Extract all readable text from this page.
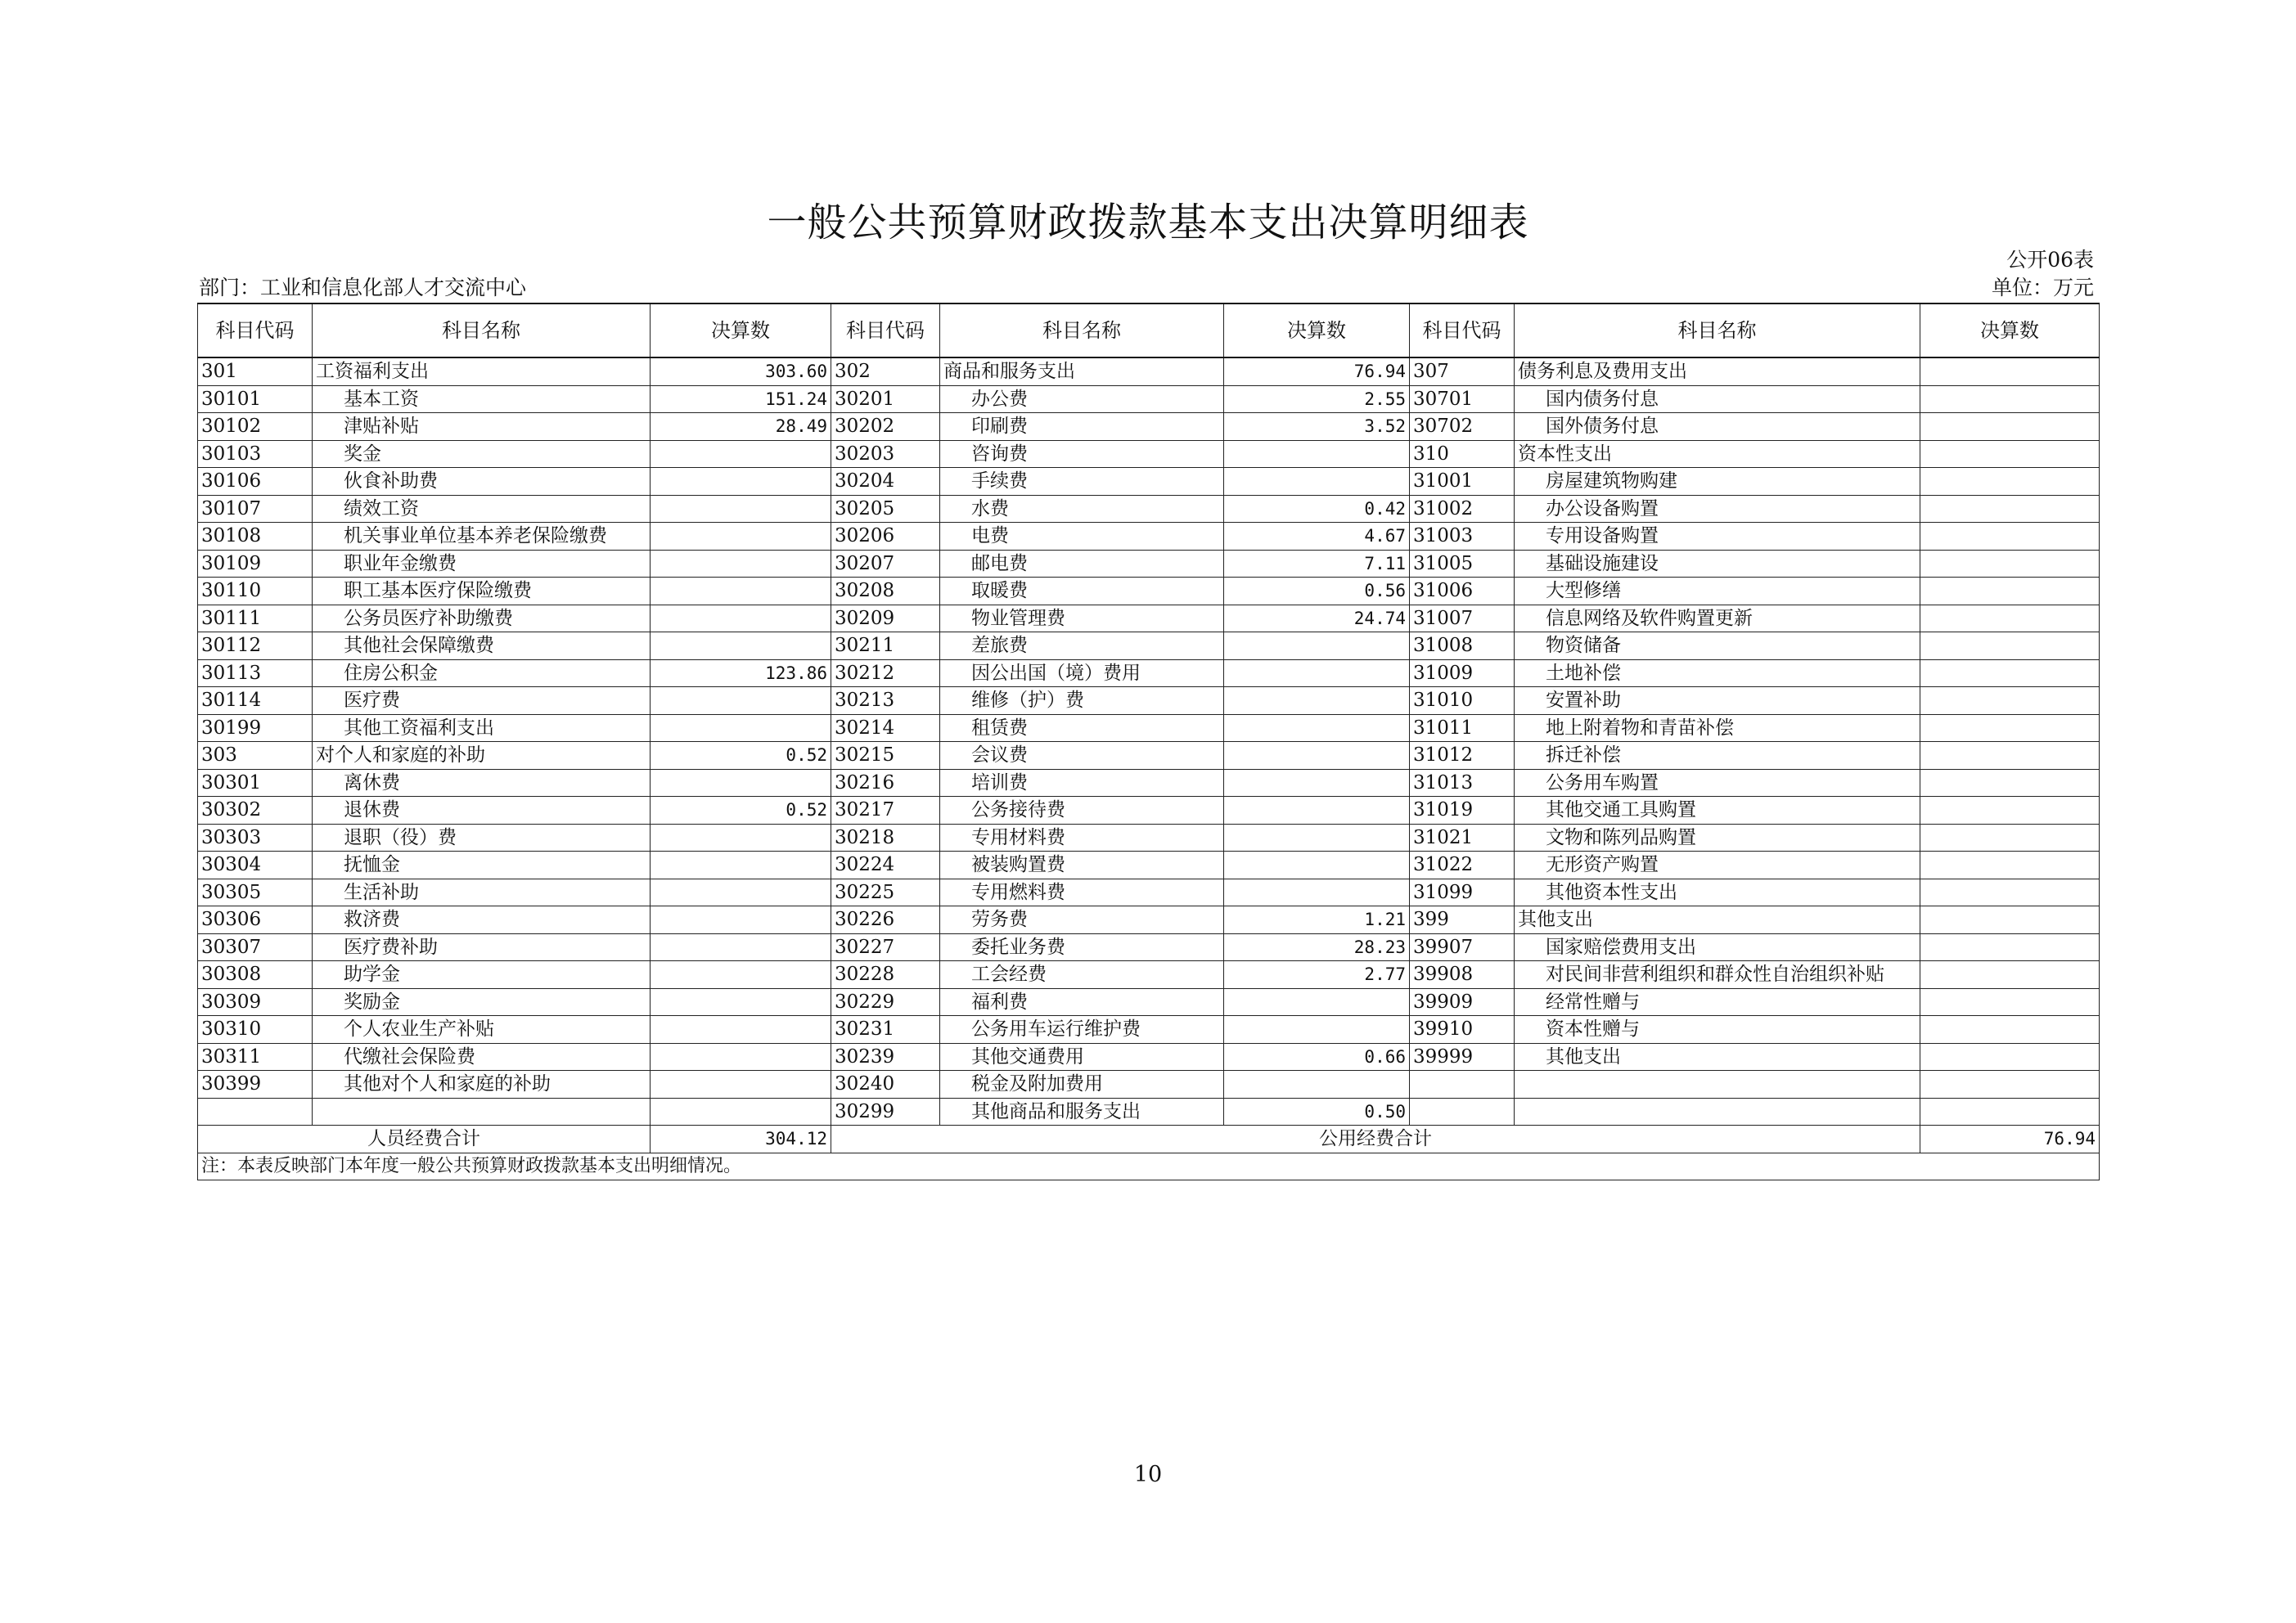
一般公共预算财政拨款基本支出决算明细表
公开06表
部门：工业和信息化部人才交流中心	单位：万元
科目代码	科目名称	决算数	科目代码	科目名称	决算数	科目代码	科目名称	决算数
301	工资福利支出	303.60	302	商品和服务支出	76.94	307	债务利息及费用支出	
30101	基本工资	151.24	30201	办公费	2.55	30701	国内债务付息	
30102	津贴补贴	28.49	30202	印刷费	3.52	30702	国外债务付息	
30103	奖金		30203	咨询费		310	资本性支出	
30106	伙食补助费		30204	手续费		31001	房屋建筑物购建	
30107	绩效工资		30205	水费	0.42	31002	办公设备购置	
30108	机关事业单位基本养老保险缴费		30206	电费	4.67	31003	专用设备购置	
30109	职业年金缴费		30207	邮电费	7.11	31005	基础设施建设	
30110	职工基本医疗保险缴费		30208	取暖费	0.56	31006	大型修缮	
30111	公务员医疗补助缴费		30209	物业管理费	24.74	31007	信息网络及软件购置更新	
30112	其他社会保障缴费		30211	差旅费		31008	物资储备	
30113	住房公积金	123.86	30212	因公出国（境）费用		31009	土地补偿	
30114	医疗费		30213	维修（护）费		31010	安置补助	
30199	其他工资福利支出		30214	租赁费		31011	地上附着物和青苗补偿	
303	对个人和家庭的补助	0.52	30215	会议费		31012	拆迁补偿	
30301	离休费		30216	培训费		31013	公务用车购置	
30302	退休费	0.52	30217	公务接待费		31019	其他交通工具购置	
30303	退职（役）费		30218	专用材料费		31021	文物和陈列品购置	
30304	抚恤金		30224	被装购置费		31022	无形资产购置	
30305	生活补助		30225	专用燃料费		31099	其他资本性支出	
30306	救济费		30226	劳务费	1.21	399	其他支出	
30307	医疗费补助		30227	委托业务费	28.23	39907	国家赔偿费用支出	
30308	助学金		30228	工会经费	2.77	39908	对民间非营利组织和群众性自治组织补贴	
30309	奖励金		30229	福利费		39909	经常性赠与	
30310	个人农业生产补贴		30231	公务用车运行维护费		39910	资本性赠与	
30311	代缴社会保险费		30239	其他交通费用	0.66	39999	其他支出	
30399	其他对个人和家庭的补助		30240	税金及附加费用				
			30299	其他商品和服务支出	0.50			
人员经费合计		304.12	公用经费合计					76.94
注：本表反映部门本年度一般公共预算财政拨款基本支出明细情况。								
10
